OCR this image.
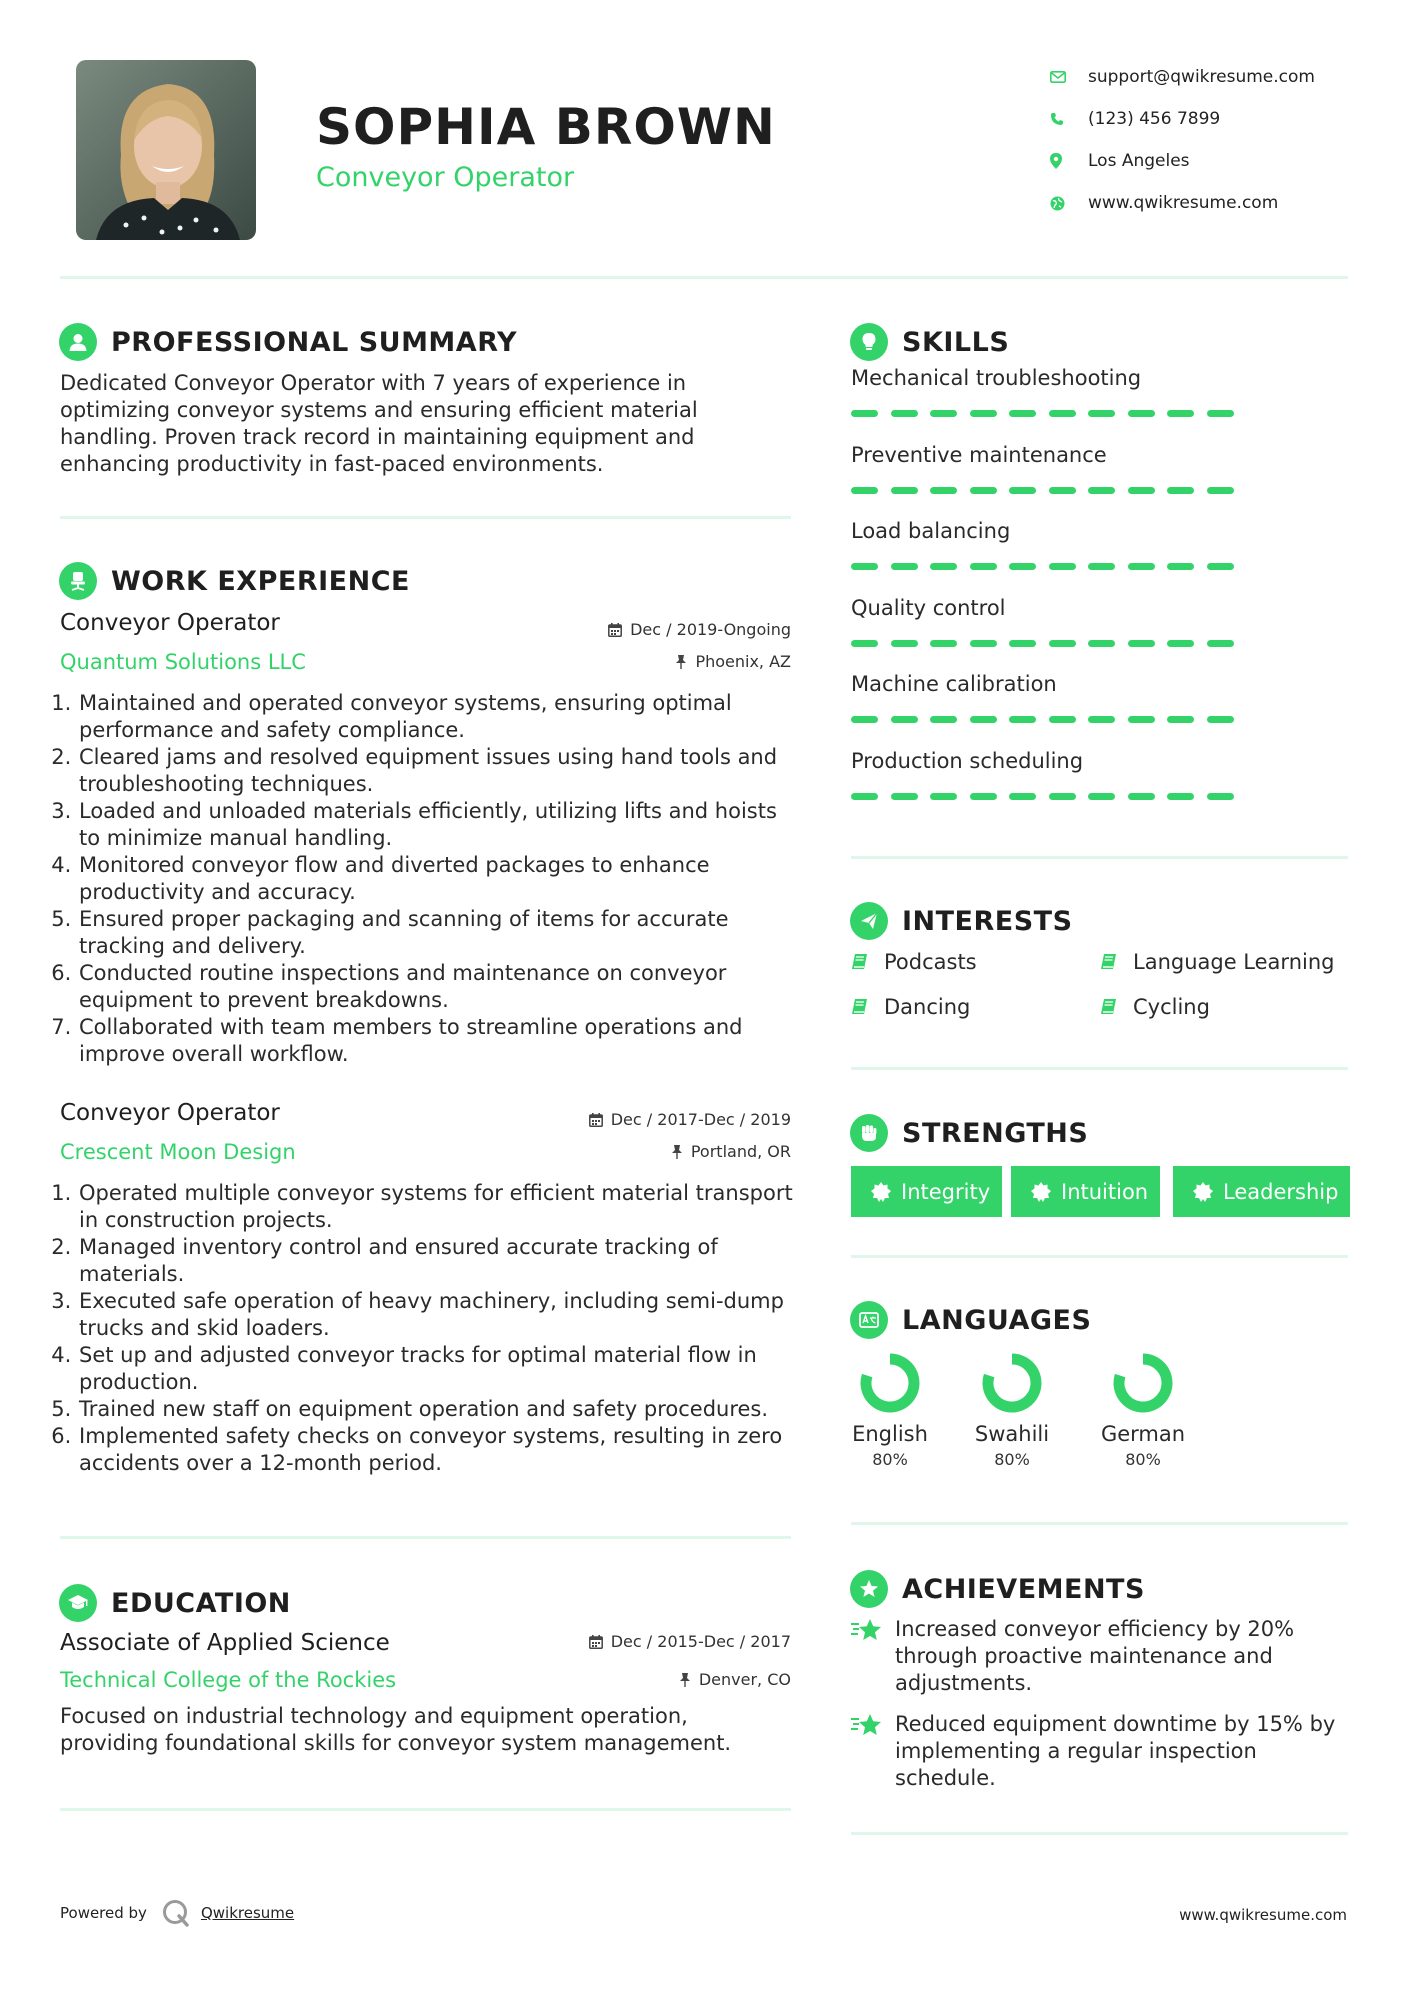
SOPHIA BROWN
Conveyor Operator
support@qwikresume.com
(123) 456 7899
Los Angeles
www.qwikresume.com
PROFESSIONAL SUMMARY
Dedicated Conveyor Operator with 7 years of experience in optimizing conveyor systems and ensuring efficient material handling. Proven track record in maintaining equipment and enhancing productivity in fast-paced environments.
WORK EXPERIENCE
Conveyor Operator	Dec / 2019-Ongoing
Quantum Solutions LLC	Phoenix, AZ
1. Maintained and operated conveyor systems, ensuring optimal performance and safety compliance.
2. Cleared jams and resolved equipment issues using hand tools and troubleshooting techniques.
3. Loaded and unloaded materials efficiently, utilizing lifts and hoists to minimize manual handling.
4. Monitored conveyor flow and diverted packages to enhance productivity and accuracy.
5. Ensured proper packaging and scanning of items for accurate tracking and delivery.
6. Conducted routine inspections and maintenance on conveyor equipment to prevent breakdowns.
7. Collaborated with team members to streamline operations and improve overall workflow.
Conveyor Operator	Dec / 2017-Dec / 2019
Crescent Moon Design	Portland, OR
1. Operated multiple conveyor systems for efficient material transport in construction projects.
2. Managed inventory control and ensured accurate tracking of materials.
3. Executed safe operation of heavy machinery, including semi-dump trucks and skid loaders.
4. Set up and adjusted conveyor tracks for optimal material flow in production.
5. Trained new staff on equipment operation and safety procedures.
6. Implemented safety checks on conveyor systems, resulting in zero accidents over a 12-month period.
EDUCATION
Associate of Applied Science	Dec / 2015-Dec / 2017
Technical College of the Rockies	Denver, CO
Focused on industrial technology and equipment operation, providing foundational skills for conveyor system management.
SKILLS
Mechanical troubleshooting
Preventive maintenance
Load balancing
Quality control
Machine calibration
Production scheduling
INTERESTS
Podcasts	Language Learning
Dancing	Cycling
STRENGTHS
Integrity	Intuition	Leadership
LANGUAGES
English
80%
Swahili
80%
German
80%
ACHIEVEMENTS
Increased conveyor efficiency by 20% through proactive maintenance and adjustments.
Reduced equipment downtime by 15% by implementing a regular inspection schedule.
Powered by	Qwikresume	www.qwikresume.com
